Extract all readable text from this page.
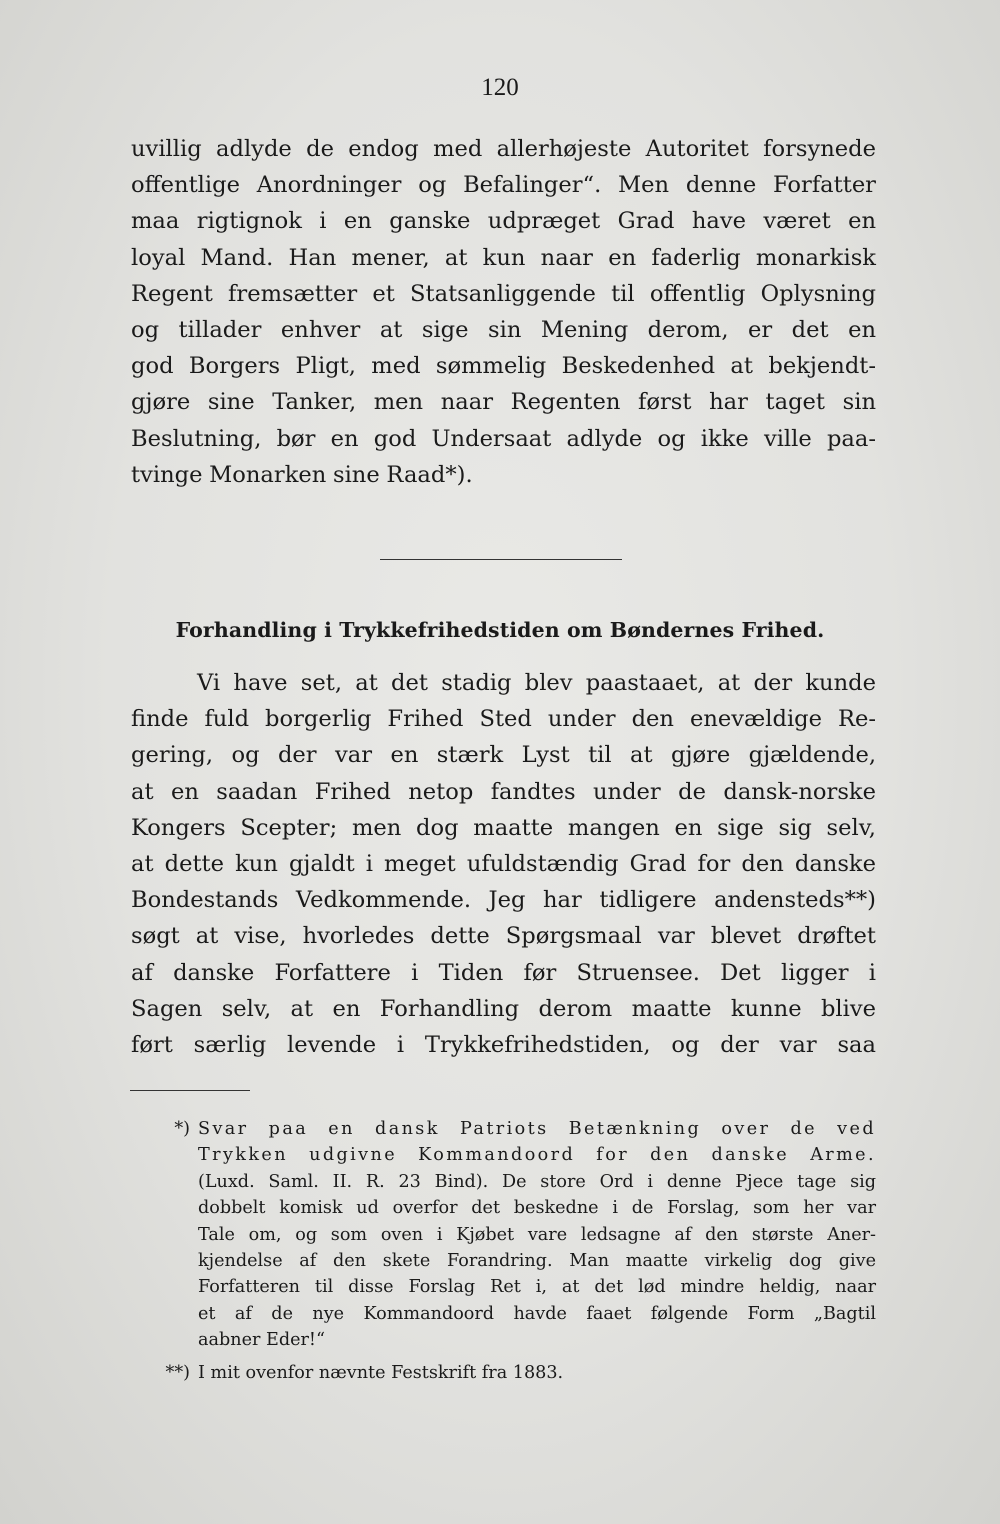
120
uvillig adlyde de endog med allerhøjeste Autoritet forsynede
offentlige Anordninger og Befalinger“. Men denne Forfatter
maa rigtignok i en ganske udpræget Grad have været en
loyal Mand. Han mener, at kun naar en faderlig monarkisk
Regent fremsætter et Statsanliggende til offentlig Oplysning
og tillader enhver at sige sin Mening derom, er det en
god Borgers Pligt, med sømmelig Beskedenhed at bekjendt-
gjøre sine Tanker, men naar Regenten først har taget sin
Beslutning, bør en god Undersaat adlyde og ikke ville paa-
tvinge Monarken sine Raad*).
Forhandling i Trykkefrihedstiden om Bøndernes Frihed.
Vi have set, at det stadig blev paastaaet, at der kunde
finde fuld borgerlig Frihed Sted under den enevældige Re-
gering, og der var en stærk Lyst til at gjøre gjældende,
at en saadan Frihed netop fandtes under de dansk-norske
Kongers Scepter; men dog maatte mangen en sige sig selv,
at dette kun gjaldt i meget ufuldstændig Grad for den danske
Bondestands Vedkommende. Jeg har tidligere andensteds**)
søgt at vise, hvorledes dette Spørgsmaal var blevet drøftet
af danske Forfattere i Tiden før Struensee. Det ligger i
Sagen selv, at en Forhandling derom maatte kunne blive
ført særlig levende i Trykkefrihedstiden, og der var saa
*) Svar paa en dansk Patriots Betænkning over de ved
Trykken udgivne Kommandoord for den danske Arme.
(Luxd. Saml. II. R. 23 Bind). De store Ord i denne Pjece tage sig
dobbelt komisk ud overfor det beskedne i de Forslag, som her var
Tale om, og som oven i Kjøbet vare ledsagne af den største Aner-
kjendelse af den skete Forandring. Man maatte virkelig dog give
Forfatteren til disse Forslag Ret i, at det lød mindre heldig, naar
et af de nye Kommandoord havde faaet følgende Form „Bagtil
aabner Eder!“
**) I mit ovenfor nævnte Festskrift fra 1883.
